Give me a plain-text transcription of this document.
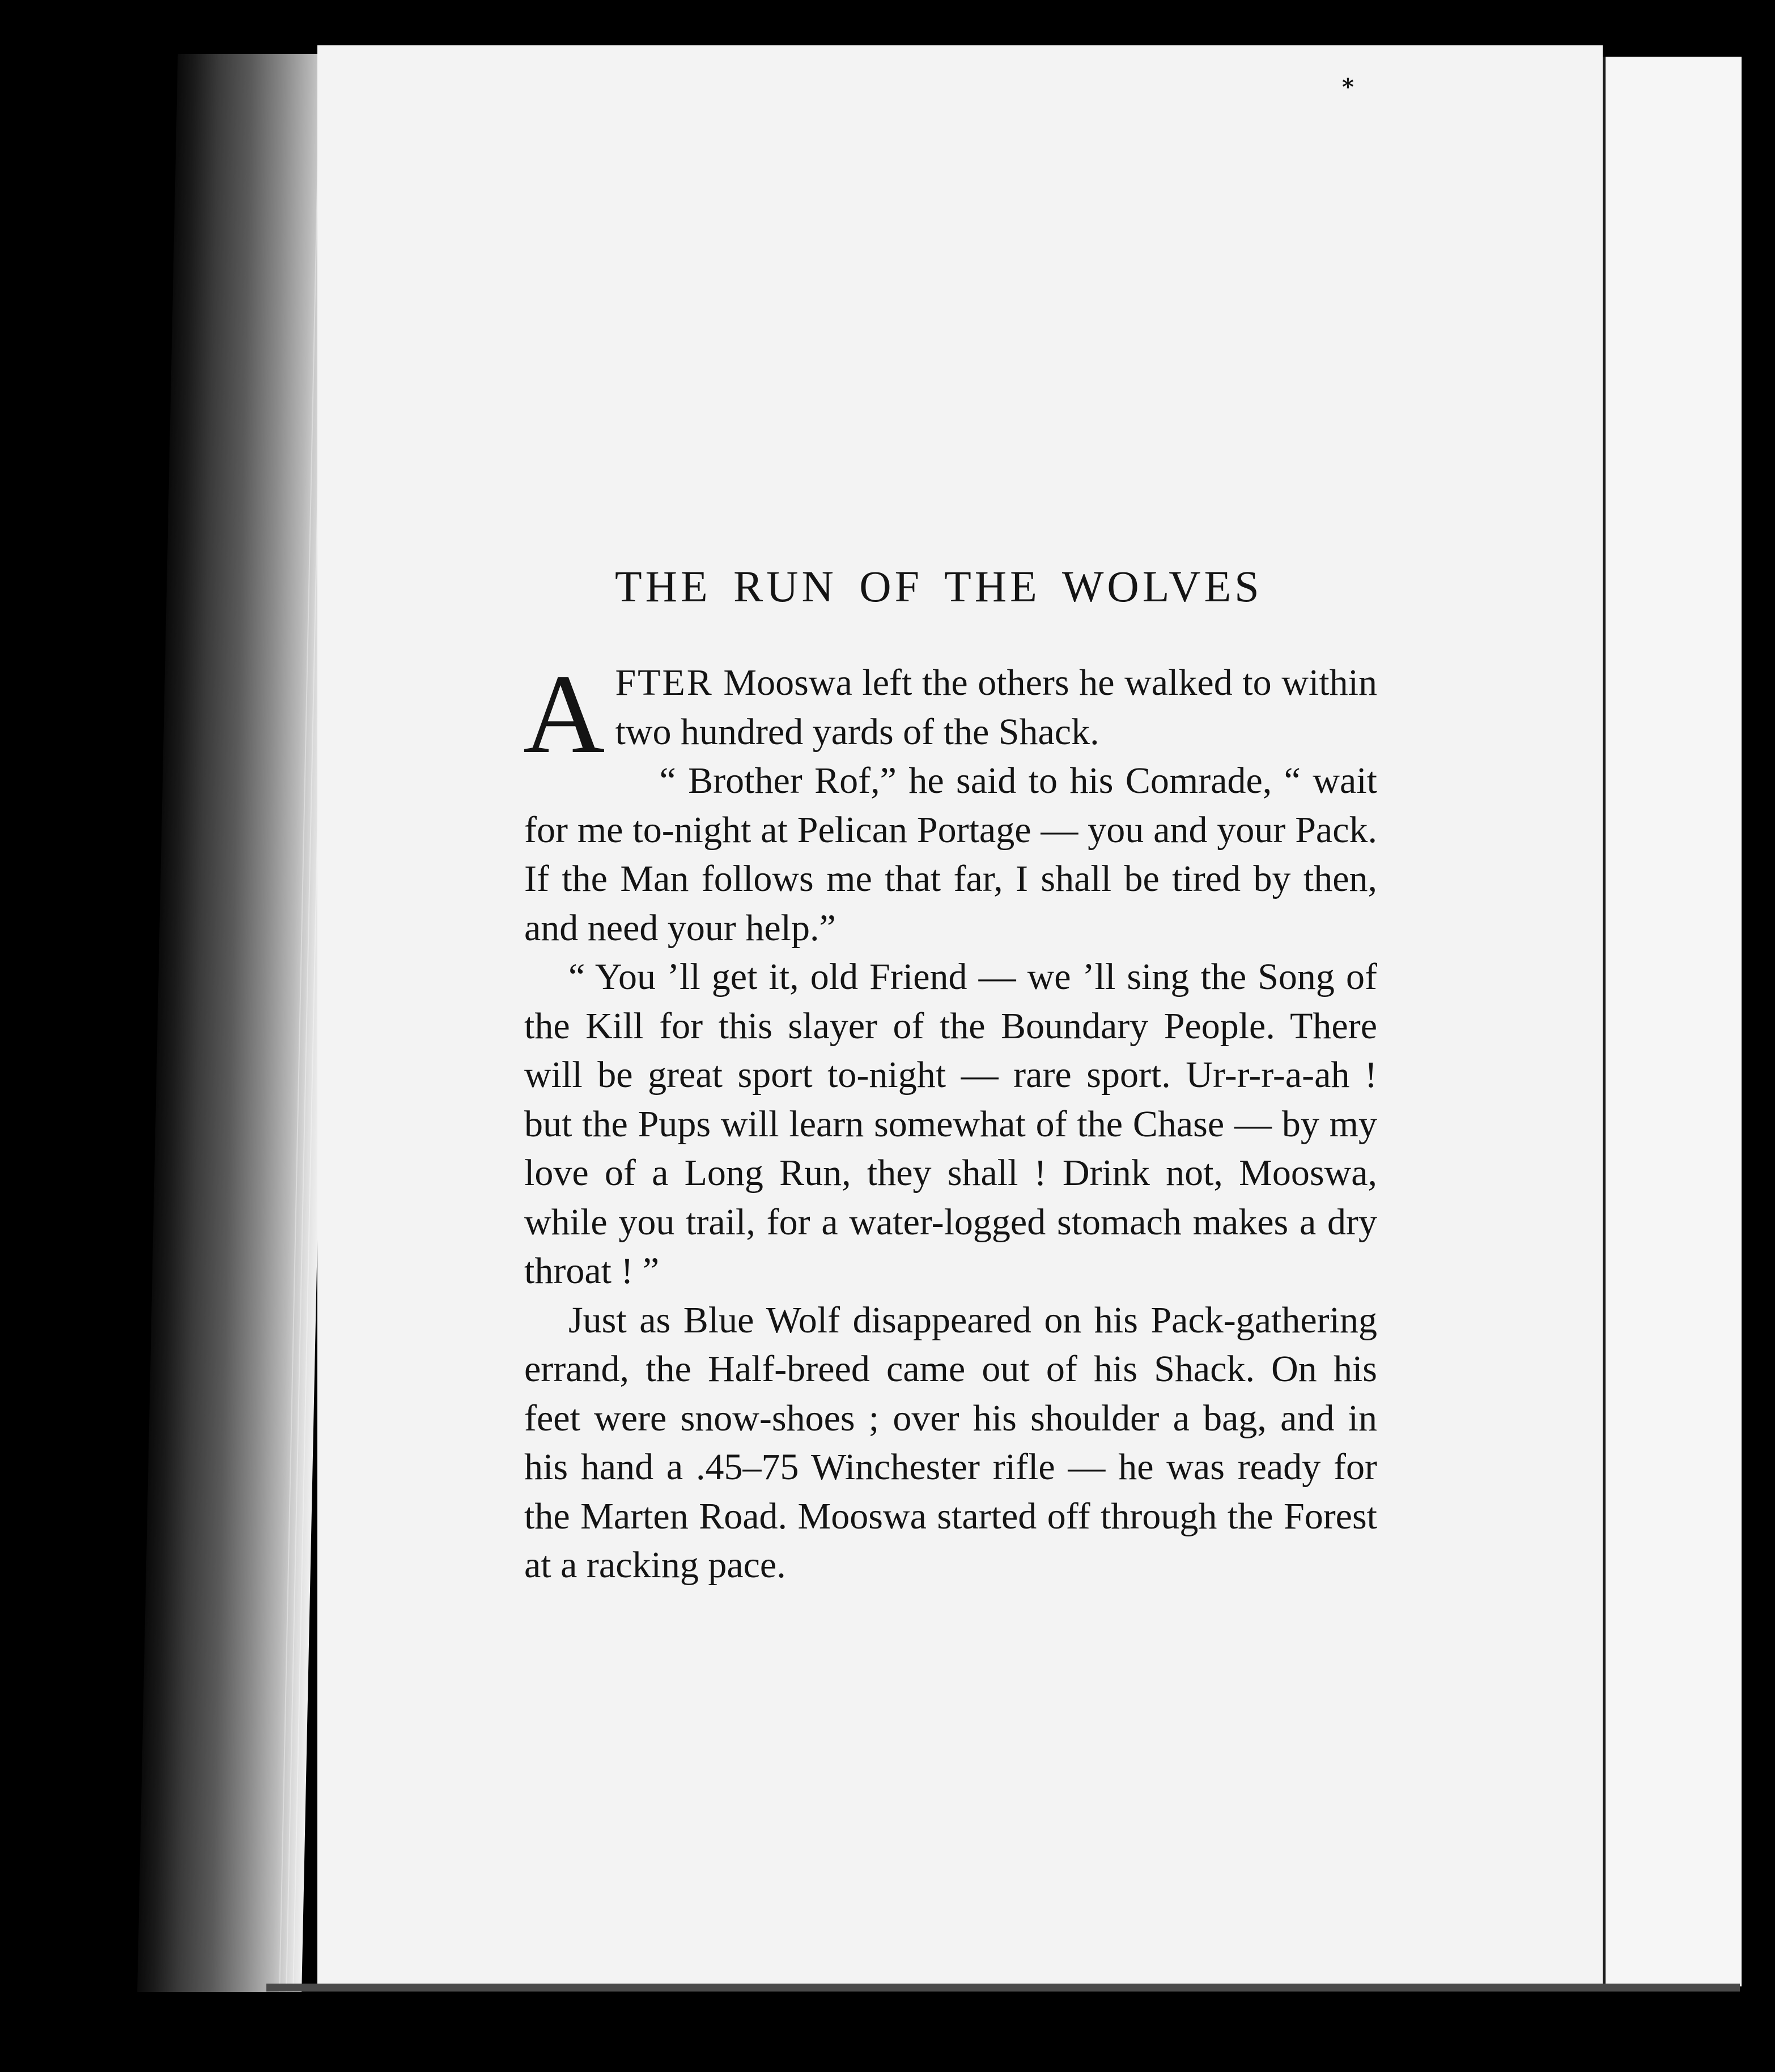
*
THE RUN OF THE WOLVES

AFTER Mooswa left the others he walked to within two hundred yards of the Shack.

“ Brother Rof,” he said to his Comrade, “ wait for me to-night at Pelican Portage — you and your Pack. If the Man follows me that far, I shall be tired by then, and need your help.”

“ You ’ll get it, old Friend — we ’ll sing the Song of the Kill for this slayer of the Boundary People. There will be great sport to-night — rare sport. Ur-r-r-a-ah ! but the Pups will learn somewhat of the Chase — by my love of a Long Run, they shall ! Drink not, Mooswa, while you trail, for a water-logged stomach makes a dry throat ! ”

Just as Blue Wolf disappeared on his Pack-gathering errand, the Half-breed came out of his Shack. On his feet were snow-shoes ; over his shoulder a bag, and in his hand a .45–75 Winchester rifle — he was ready for the Marten Road. Mooswa started off through the Forest at a racking pace.
